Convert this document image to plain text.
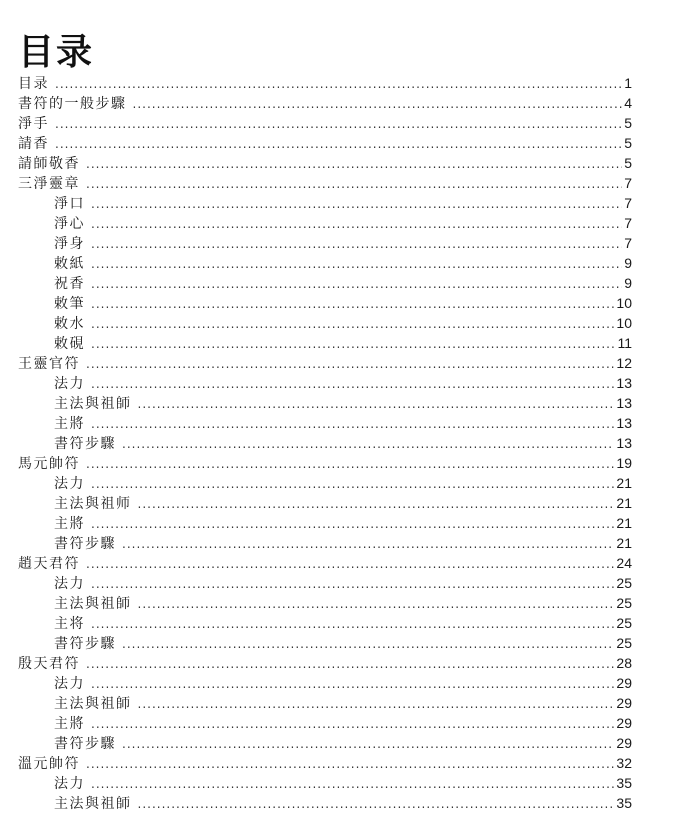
目录
目录 .....	1
書符的一般步驟 .....	4
淨手 .....	5
請香 .....	5
請師敬香 .....	5
三淨靈章 .....	7
淨口 .....	7
淨心 .....	7
淨身 .....	7
敕紙 .....	9
祝香 .....	9
敕筆 .....	10
敕水 .....	10
敕硯 .....	11
王靈官符 .....	12
法力 .....	13
主法與祖師 .....	13
主將 .....	13
書符步驟 .....	13
馬元帥符 .....	19
法力 .....	21
主法與祖师 .....	21
主將 .....	21
書符步驟 .....	21
趙天君符 .....	24
法力 .....	25
主法與祖師 .....	25
主将 .....	25
書符步驟 .....	25
殷天君符 .....	28
法力 .....	29
主法與祖師 .....	29
主將 .....	29
書符步驟 .....	29
溫元帥符 .....	32
法力 .....	35
主法與祖師 .....	35
